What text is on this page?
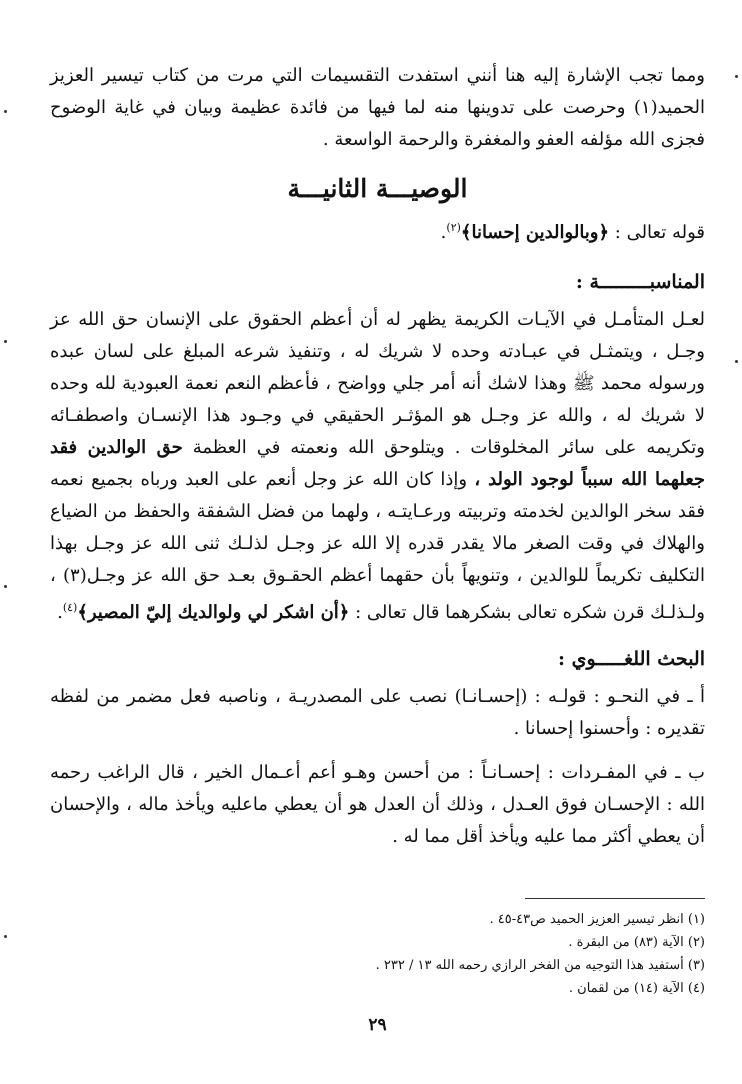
ومما تجب الإشارة إليه هنا أنني استفدت التقسيمات التي مرت من كتاب تيسير العزيز الحميد(١) وحرصت على تدوينها منه لما فيها من فائدة عظيمة وبيان في غاية الوضوح فجزى الله مؤلفه العفو والمغفرة والرحمة الواسعة .

الوصيـــة الثانيـــة

قوله تعالى : ﴿وبالوالدين إحسانا﴾$^{(٢)}$.

المناسبـــــــــة :

لعـل المتأمـل في الآيـات الكريمة يظهر له أن أعظم الحقوق على الإنسان حق الله عز وجـل ، ويتمثـل في عبـادته وحده لا شريك له ، وتنفيذ شرعه المبلغ على لسان عبده ورسوله محمد ﷺ وهذا لاشك أنه أمر جلي وواضح ، فأعظم النعم نعمة العبودية لله وحده لا شريك له ، والله عز وجـل هو المؤثـر الحقيقي في وجـود هذا الإنسـان واصطفـائه وتكريمه على سائر المخلوقات . ويتلوحق الله ونعمته في العظمة حق الوالدين فقد جعلهما الله سبباً لوجود الولد ، وإذا كان الله عز وجل أنعم على العبد ورباه بجميع نعمه فقد سخر الوالدين لخدمته وتربيته ورعـايتـه ، ولهما من فضل الشفقة والحفظ من الضياع والهلاك في وقت الصغر مالا يقدر قدره إلا الله عز وجـل لذلـك ثنى الله عز وجـل بهذا التكليف تكريماً للوالدين ، وتنويهاً بأن حقهما أعظم الحقـوق بعـد حق الله عز وجـل(٣) ، ولـذلـك قرن شكره تعالى بشكرهما قال تعالى : ﴿أن اشكر لي ولوالديك إليّ المصير﴾$^{(٤)}$.

البحث اللغـــــوي :

أ ـ في النحـو : قولـه : (إحسـانـا) نصب على المصدريـة ، وناصبه فعل مضمر من لفظه تقديره : وأحسنوا إحسانا .

ب ـ في المفـردات : إحسـانـاً : من أحسن وهـو أعم أعـمال الخير ، قال الراغب رحمه الله : الإحسـان فوق العـدل ، وذلك أن العدل هو أن يعطي ماعليه ويأخذ ماله ، والإحسان أن يعطي أكثر مما عليه ويأخذ أقل مما له .

(١) انظر تيسير العزيز الحميد ص٤٣-٤٥ .
(٢) الآية (٨٣) من البقرة .
(٣) أستفيد هذا التوجيه من الفخر الرازي رحمه الله ١٣ / ٢٣٢ .
(٤) الآية (١٤) من لقمان .
٢٩
